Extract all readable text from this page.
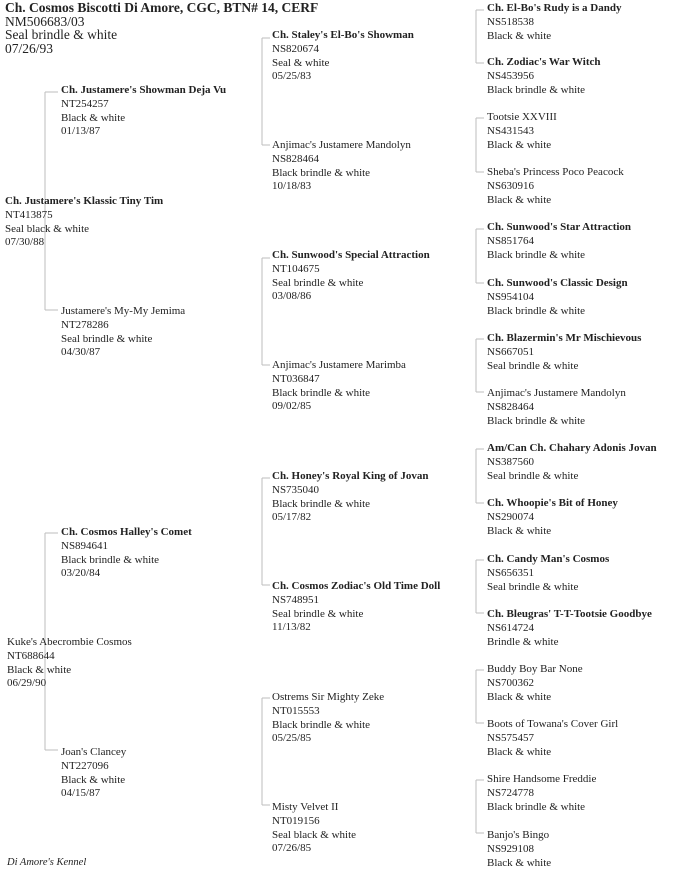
Ch. Cosmos Biscotti Di Amore, CGC, BTN# 14, CERF
NM506683/03
Seal brindle & white
07/26/93
Ch. Justamere's Klassic Tiny Tim
NT413875
Seal black & white
07/30/88
Kuke's Abecrombie Cosmos
NT688644
Black & white
06/29/90
Ch. Justamere's Showman Deja Vu
NT254257
Black & white
01/13/87
Justamere's My-My Jemima
NT278286
Seal brindle & white
04/30/87
Ch. Cosmos Halley's Comet
NS894641
Black brindle & white
03/20/84
Joan's Clancey
NT227096
Black & white
04/15/87
Ch. Staley's El-Bo's Showman
NS820674
Seal & white
05/25/83
Anjimac's Justamere Mandolyn
NS828464
Black brindle & white
10/18/83
Ch. Sunwood's Special Attraction
NT104675
Seal brindle & white
03/08/86
Anjimac's Justamere Marimba
NT036847
Black brindle & white
09/02/85
Ch. Honey's Royal King of Jovan
NS735040
Black brindle & white
05/17/82
Ch. Cosmos Zodiac's Old Time Doll
NS748951
Seal brindle & white
11/13/82
Ostrems Sir Mighty Zeke
NT015553
Black brindle & white
05/25/85
Misty Velvet II
NT019156
Seal black & white
07/26/85
Ch. El-Bo's Rudy is a Dandy
NS518538
Black & white
Ch. Zodiac's War Witch
NS453956
Black brindle & white
Tootsie XXVIII
NS431543
Black & white
Sheba's Princess Poco Peacock
NS630916
Black & white
Ch. Sunwood's Star Attraction
NS851764
Black brindle & white
Ch. Sunwood's Classic Design
NS954104
Black brindle & white
Ch. Blazermin's Mr Mischievous
NS667051
Seal brindle & white
Anjimac's Justamere Mandolyn
NS828464
Black brindle & white
Am/Can Ch. Chahary Adonis Jovan
NS387560
Seal brindle & white
Ch. Whoopie's Bit of Honey
NS290074
Black & white
Ch. Candy Man's Cosmos
NS656351
Seal brindle & white
Ch. Bleugras' T-T-Tootsie Goodbye
NS614724
Brindle & white
Buddy Boy Bar None
NS700362
Black & white
Boots of Towana's Cover Girl
NS575457
Black & white
Shire Handsome Freddie
NS724778
Black brindle & white
Banjo's Bingo
NS929108
Black & white
Di Amore's Kennel
